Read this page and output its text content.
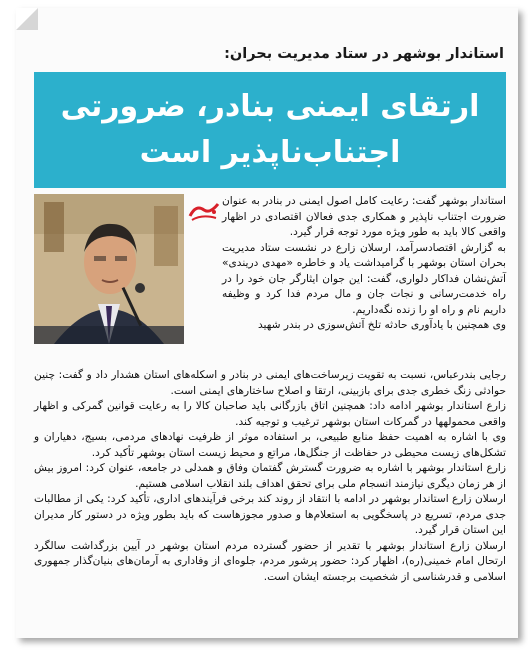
استاندار بوشهر در ستاد مدیریت بحران:
ارتقای ایمنی بنادر، ضرورتی
اجتناب‌ناپذیر است

استاندار بوشهر گفت: رعایت کامل اصول ایمنی در بنادر به عنوان ضرورت اجتناب ناپذیر و همکاری جدی فعالان اقتصادی در اظهار واقعی کالا باید به طور ویژه مورد توجه قرار گیرد.

به گزارش اقتصادسرآمد، ارسلان زارع در نشست ستاد مدیریت بحران استان بوشهر با گرامیداشت یاد و خاطره «مهدی دریندی» آتش‌نشان فداکار دلواری، گفت: این جوان ایثارگر جان خود را در راه خدمت‌رسانی و نجات جان و مال مردم فدا کرد و وظیفه داریم نام و راه او را زنده نگه‌داریم.

وی همچنین با یادآوری حادثه تلخ آتش‌سوزی در بندر شهید

رجایی بندرعباس، نسبت به تقویت زیرساخت‌های ایمنی در بنادر و اسکله‌های استان هشدار داد و گفت: چنین حوادثی زنگ خطری جدی برای بازبینی، ارتقا و اصلاح ساختارهای ایمنی است.

زارع استاندار بوشهر ادامه داد: همچنین اتاق بازرگانی باید صاحبان کالا را به رعایت قوانین گمرکی و اظهار واقعی محمولهها در گمرکات استان بوشهر ترغیب و توجیه کند.

وی با اشاره به اهمیت حفظ منابع طبیعی، بر استفاده موثر از ظرفیت نهادهای مردمی، بسیج، دهیاران و تشکل‌های زیست محیطی در حفاظت از جنگل‌ها، مراتع و محیط زیست استان بوشهر تأکید کرد.

زارع استاندار بوشهر با اشاره به ضرورت گسترش گفتمان وفاق و همدلی در جامعه، عنوان کرد: امروز بیش از هر زمان دیگری نیازمند انسجام ملی برای تحقق اهداف بلند انقلاب اسلامی هستیم.

ارسلان زارع استاندار بوشهر در ادامه با انتقاد از روند کند برخی فرآیندهای اداری، تأکید کرد: یکی از مطالبات جدی مردم، تسریع در پاسخگویی به استعلام‌ها و صدور مجوزهاست که باید بطور ویژه در دستور کار مدیران این استان قرار گیرد.

ارسلان زارع استاندار بوشهر با تقدیر از حضور گسترده مردم استان بوشهر در آیین بزرگداشت سالگرد ارتحال امام خمینی(ره)، اظهار کرد: حضور پرشور مردم، جلوه‌ای از وفاداری به آرمان‌های بنیان‌گذار جمهوری اسلامی و قدرشناسی از شخصیت برجسته ایشان است.
